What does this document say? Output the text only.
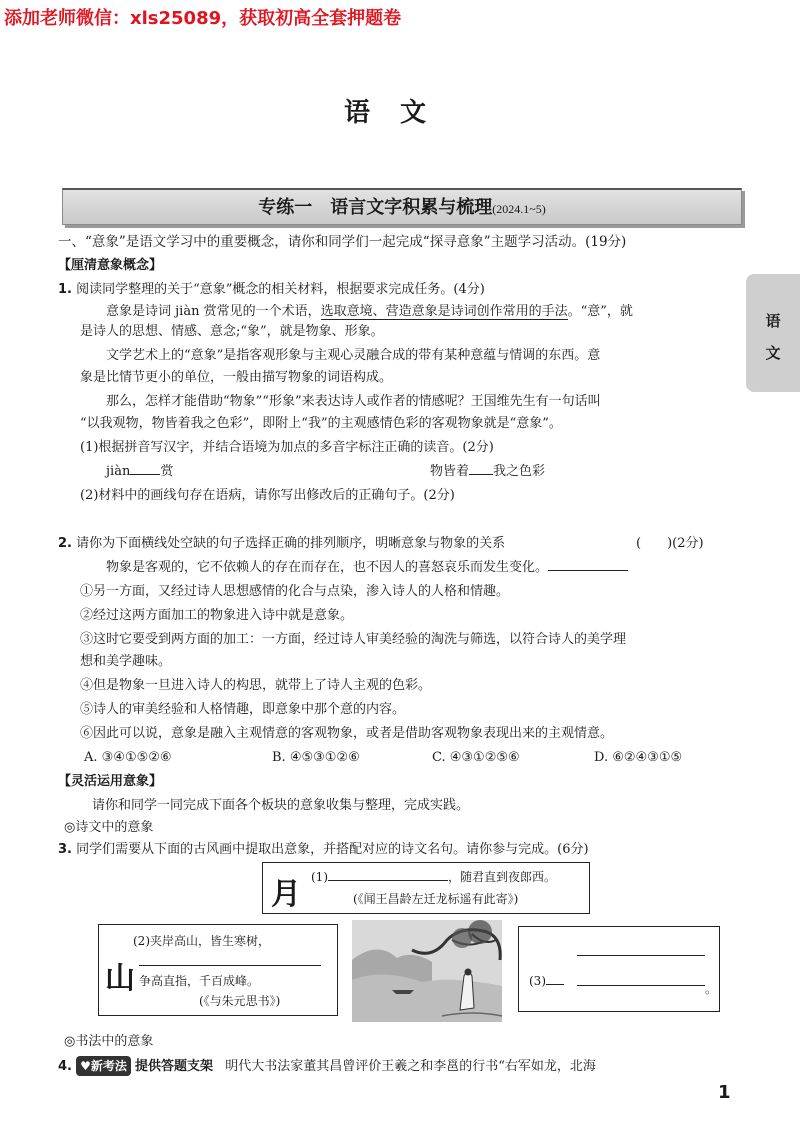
添加老师微信：xls25089，获取初高全套押题卷
语文
专练一　语言文字积累与梳理(2024.1~5)
语
文
一、“意象”是语文学习中的重要概念，请你和同学们一起完成“探寻意象”主题学习活动。(19分)
【厘清意象概念】
1. 阅读同学整理的关于“意象”概念的相关材料，根据要求完成任务。(4分)
意象是诗词 jiàn 赏常见的一个术语，选取意境、营造意象是诗词创作常用的手法。“意”，就
是诗人的思想、情感、意念;“象”，就是物象、形象。
文学艺术上的“意象”是指客观形象与主观心灵融合成的带有某种意蕴与情调的东西。意
象是比情节更小的单位，一般由描写物象的词语构成。
那么，怎样才能借助“物象”“形象”来表达诗人或作者的情感呢？王国维先生有一句话叫
“以我观物，物皆着我之色彩”，即附上“我”的主观感情色彩的客观物象就是“意象”。
(1)根据拼音写汉字，并结合语境为加点的多音字标注正确的读音。(2分)
jiàn 赏	物皆着 我之色彩
(2)材料中的画线句存在语病，请你写出修改后的正确句子。(2分)
2. 请你为下面横线处空缺的句子选择正确的排列顺序，明晰意象与物象的关系	(　　)(2分)
物象是客观的，它不依赖人的存在而存在，也不因人的喜怒哀乐而发生变化。
①另一方面，又经过诗人思想感情的化合与点染，渗入诗人的人格和情趣。
②经过这两方面加工的物象进入诗中就是意象。
③这时它要受到两方面的加工：一方面，经过诗人审美经验的淘洗与筛选，以符合诗人的美学理
想和美学趣味。
④但是物象一旦进入诗人的构思，就带上了诗人主观的色彩。
⑤诗人的审美经验和人格情趣，即意象中那个意的内容。
⑥因此可以说，意象是融入主观情意的客观物象，或者是借助客观物象表现出来的主观情意。
A. ③④①⑤②⑥	B. ④⑤③①②⑥	C. ④③①②⑤⑥	D. ⑥②④③①⑤
【灵活运用意象】
请你和同学一同完成下面各个板块的意象收集与整理，完成实践。
◎诗文中的意象
3. 同学们需要从下面的古风画中提取出意象，并搭配对应的诗文名句。请你参与完成。(6分)
月 (1)	，随君直到夜郎西。
(《闻王昌龄左迁龙标遥有此寄》)
(2)夹岸高山，皆生寒树，
山 争高直指，千百成峰。
(《与朱元思书》)
(3)
。
◎书法中的意象
4. ♥新考法 提供答题支架 明代大书法家董其昌曾评价王羲之和李邕的行书“右军如龙，北海
1
